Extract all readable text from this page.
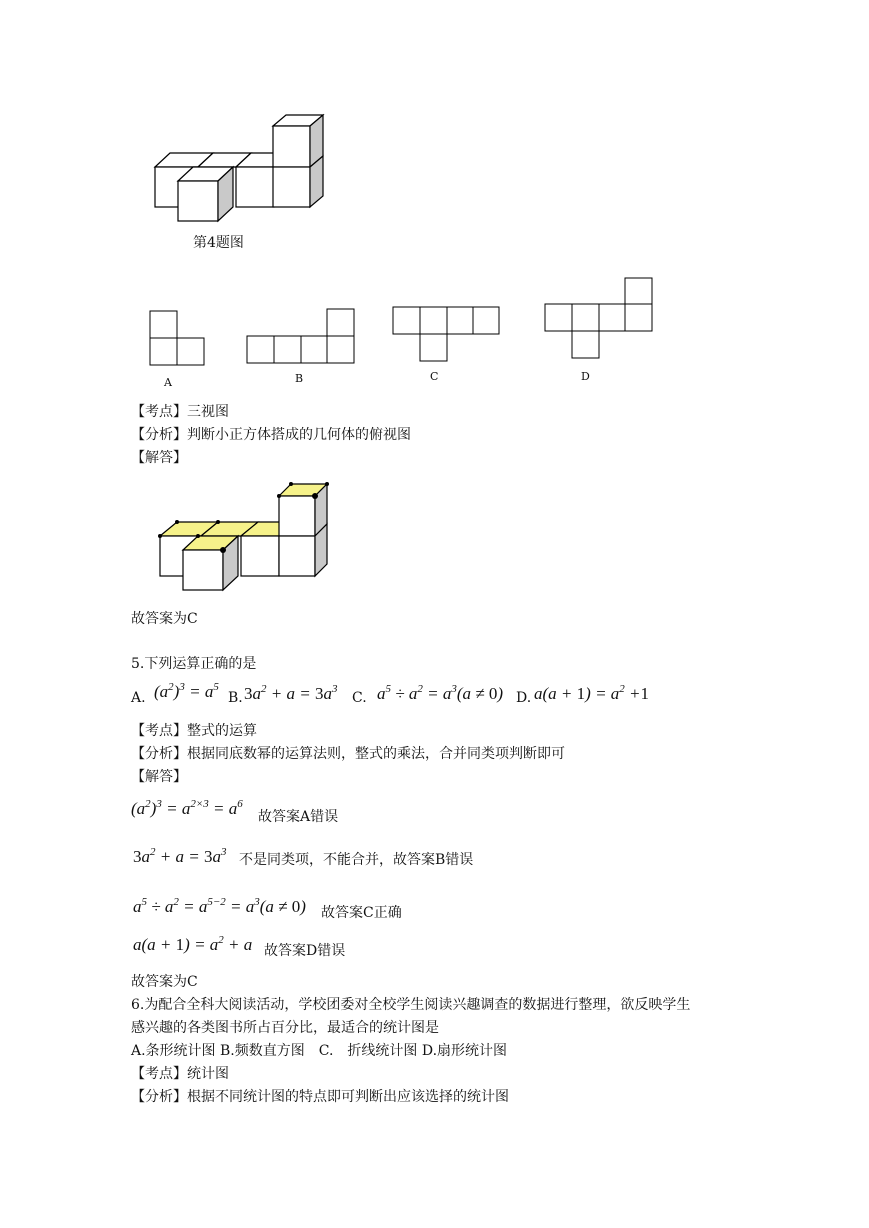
第4题图
A	B	C	D
【考点】三视图
【分析】判断小正方体搭成的几何体的俯视图
【解答】
故答案为C
5.下列运算正确的是
A. $(a^2)^3 = a^5$
B. $3a^2 + a = 3a^3$
C. $a^5 \div a^2 = a^3(a \ne 0)$ D. $a(a + 1) = a^2 +1$
【考点】整式的运算
【分析】根据同底数幂的运算法则，整式的乘法，合并同类项判断即可
【解答】
$(a^2)^3 = a^{2\times 3} = a^6$
故答案A错误
$3a^2 + a = 3a^3$ 不是同类项，不能合并，故答案B错误
$a^5 \div a^2 = a^{5-2} = a^3(a \ne 0)$ 故答案C正确
$a(a + 1) = a^2 + a$ 故答案D错误
故答案为C
6.为配合全科大阅读活动，学校团委对全校学生阅读兴趣调查的数据进行整理，欲反映学生
感兴趣的各类图书所占百分比，最适合的统计图是
A.条形统计图 B.频数直方图　C.　折线统计图 D.扇形统计图
【考点】统计图
【分析】根据不同统计图的特点即可判断出应该选择的统计图
